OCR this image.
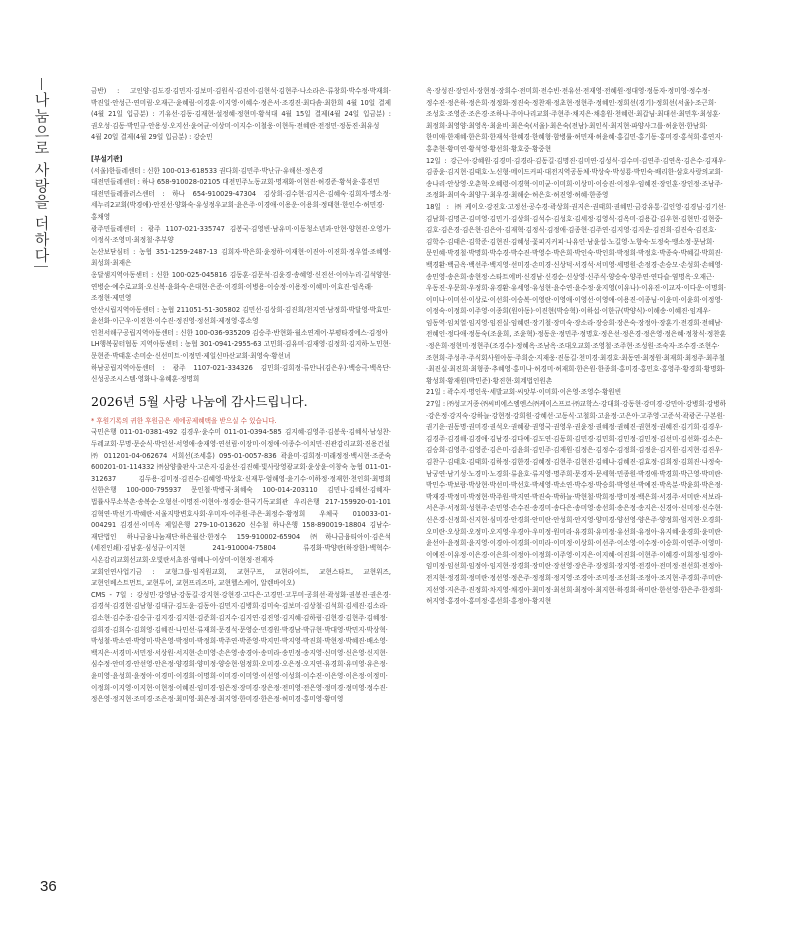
나눔으로 사랑을 더하다

금반) : 고인양·김도경·김민지·김보미·김원식·김진이·김현석·김현주·나소라은·류창희·박수정·박재희·박진일·안성근·연미림·오재근·윤혜림·이경훈·이지영·이혜수·정은서·조경진·최다솜·최한희 4월 10일 결제(4월 21일 입금분) : 기유선·김동·김재현·설정혜·정현미·황석대 4월 15일 결제(4월 24일 입금분) : 권오성·김동·박민규·안용성·오지선·윤여균·이상미·이지수·이철웅·이현득·전혜란·전정민·정동진·최유성 4월 20일 결제(4월 29일 입금분) : 강순민

[부설기관]

(서울)한들레센터 : 신한 100-013-618533 권다희·김민주·박난규·유해선·정은경

대전민들레센터 : 하나 658-910028-02105 대전민주노동교회·명재화·이현진·허경준·황석윤·홍진민

대전민들레플러스센터 : 하나 654-910029-47304 김상희·김수현·김지은·김혜숙·김희자·명소정·세누리2교회(박경애)·안진선·양화숙·유성정우교회·윤은주·이경애·이용운·이용희·정태현·한인수·허민경·홍채영

광주민들레센터 : 광주 1107-021-335747 김봉국·김영빈·남유미·이동청소년과·안현·양현진·오영가·이정식·조영미·최정철·추부양

논산보닫심터 : 농협 351-1259-2487-13 김희자·박은희·윤정하·이재현·이진아·이진희·정우열·조혜영·최성희·최재은

옹달샘지역아동센터 : 신한 100-025-045816 김동훈·김문석·김윤경·송혜영·신진선·이아누리·길석양현·연병순·예수로교회·오신복·윤화숙·은대현·은준·이경희·이병용·이승정·이용정·이혜미·이효진·임옥래·조정현·제민영

안산시립지역아동센터 : 농협 211051-51-305802 김민선·김상희·김진희/천지연·남정희·박달영·박효민·윤선화·이근우·이진현·이수진·정진영·정선희·제정영·홍소영

인천서해구공립지역아동센터 : 신한 100-036-935209 김승주·반현화·월소연계어·부평타경에스·김정아

LH행복꿈터협동 지역아동센터 : 농협 301-0941-2955-63 고민희·김유미·김재영·김정희·김지하·노민현·문현준·박태훈·손미순·신선미트·이정민·제일신마산교회·최영숙·황선녀

하남공립지역아동센터 : 광주 1107-021-334326 김민희·김희정·류안나(김은우)·백승극·백옥단·신성공조시스템·영화나·유혜훈·정명희

2026년 5월 사랑 나눔에 감사드립니다.

* 후원기록의 귀한 후원금은 세에공제혜택을 받으실 수 있습니다.

국민은행 011-01-0381-492 김경우·윤수미 011-01-0394-585 김지혜·김영주·김봉욱·김혜식·남성찬·두레교회·무명·문순식·박인선·서영애·송재영·연선림·이장미·이정애·이종수·이치민·진관감리교회·진용건설㈜ 011201-04-062674 서희선(조세홍) 095-01-0057-836 곽윤미·김희정·미래정정·백시현·조준숙 600201-01-114332 ㈜삼양출판사·고은지·김윤선·김진혜·빛사랑영광교회·윤상윤·이창숙 농협 011-01-312637 김두용·김미정·김진수·김혜영·박상호·신재무·엄해영·윤기수·이하정·정재헌·천인희·최명희 신한은행 100-000-795937 문인철·박병국·최혜숙 100-014-203110 김민나·김혜선·김혜자·법률사무소북촌·송복순·오형선·이명진·이현아·정경순·한국기독교회관 우리은행 217-159920-01-101 김혁연·박선기·박혜란·서울지방변호사회·우미자·이주원·주은·최정수·황정희 우체국 010033-01-004291 김경선·이미옥 제일은행 279-10-013620 신수철 하나은행 158-890019-18804 김남수·재단법인 하나금융나눔재단·하은월산·한정수 159-910002-65904 ㈜하나금융티아이·김은석(세진인쇄)·김남훈·심성규·이지현 241-910004-75804 류경화·박양란(하장한)·백혁수·시온감리교회선교회·오빛란서초점·염혜나·이상미·이현정·전재자

교회인연사업기금 : 교형그룹·임직원교회, 교현구프, 교현라이트, 교현스타트, 교현위즈, 교현인베스트먼트, 교현투어, 교현프리즈마, 교현헬스케어, 알렌바이오)

CMS - 7일 : 강성민·강영남·강동길·강지현·강현경·고다은·고경민·고무미·공희선·곽성화·권봉진·권은경·김경석·김경현·김남형·김대규·김도윤·김동아·김민지·김병희·김미숙·김보미·김상철·김석희·김세진·김소라·김소현·김수종·김승규·김지경·김지현·김준희·김지수·김지연·김진영·김지혜·김하림·김현경·김현주·김혜정·김희경·김희수·김희영·김혜진·나민선·류재희·문경석·문영순·민경원·박경남·박규현·박대영·박민지·박상혁·박성철·박소연·박영미·박은영·박정미·박정희·박주연·박준영·박지민·박지영·박진희·박현정·박혜진·배소영·백지은·서경미·서민정·서상원·서지현·손미영·손은영·송경아·송미라·송민정·송지영·신미영·신은영·신지현·심수정·안미경·안선영·안은정·양경희·양미정·양승현·엄정희·오미경·오은정·오지연·유경희·유미영·유은정·윤미영·윤성희·윤정아·이경미·이경희·이명희·이미경·이미영·이선영·이성희·이수진·이은영·이은정·이정미·이정희·이지영·이지현·이현정·이혜진·임미경·임은정·장미경·장은정·전미영·전은영·정미경·정미영·정수진·정은영·정지현·조미경·조은정·최미영·최은정·최지영·한미경·한은정·허미경·홍미영·황미영

옥·장성진·장인서·장현정·장희수·전미희·전수빈·전유선·전재영·전혜원·정대영·정동자·정미영·정수정·정수진·정은하·정은희·정정화·정진숙·정찬재·정초현·정현주·정혜인·정희선(경기)·정희선(서울)·조근희·조성호·조영준·조은경·조하나·주아나리교회·주현주·채지은·채흥원·천혜런·최갑님·최대선·최민후·최성훈·최정희·최영양·최영옥·최윤비·최은숙(서울)·최은숙(전남)·최인식·최지현·파양사그룹·허윤현·한남희·한미애·한재혜·한은희·한재석·한혜경·한혜형·함병률·허민재·허윤혜·홍길민·홍기동·홍미경·홍석희·홍연지·홍춘현·황미연·황석영·황선희·황호중·황중현

12일 : 강근아·강혜원·김경미·김경라·김동길·김명진·김미연·김성식·김수미·김연주·김연옥·김은수·김재우·김종윤·김지현·김태호·노신형·메이드커피·대전지역공동체·박상숙·박성룡·박민숙·배리한·삼호사랑의교회·송나리·안상영·오춘혁·오혜령·이경혁·이미균·이미희·이상미·이승진·이정우·임혜진·장인훈·장인정·조남주·조정화·최미숙·최양구·최우경·최해순·허은호·허진영·허혜·한종영

18일 : ㈜케이오·강진호·고정선·공수경·곽상희·권지은·권태희·권혜민·금강유통·길인영·김경님·김기선·김남희·김명곤·김미영·김민기·김상희·김석수·김성호·김세정·김영식·김옥미·김용갑·김우현·김현민·김현중·김호·김은경·김은현·김은아·김재혁·김정식·김정애·김종현·김주연·김지영·김지운·김진희·김진숙·김진호·김학수·김태은·김학준·김현진·김혜성·꽃피지커피·나유인·남윤섭·노길영·노향숙·도정숙·맹소정·문남희·문인혜·박경철·박명희·박수경·박수진·박영수·박은희·박인숙·박인희·박정희·박정호·박종숙·박혜길·박희진·백경환·백금옥·백선주·백지영·선미경·손미경·신상덕·서경석·서미영·세명원·손정경·손승모·손성희·손혜영·송민영·송은희·송현정·스타트에버·신경남·신경순·신상영·신주식·양승숙·양주연·연다슬·염명옥·오재근·우동진·우문희·우정희·유경환·유세영·유성현·윤수연·윤수정·윤지영(이유나)·이유진·이교자·이다운·이명희·이미나·이미선·이상로·이선희·이승복·이영란·이영애·이영선·이영애·이용진·이종님·이윤미·이윤희·이정영·이정숙·이정희·이주영·이종희(원아동)·이진현(박승혁)·이하섭·이한규(박양식)·이해송·이혜진·임계우·임동역·임치열·임지영·임진실·임혜련·장기철·장미숙·장소라·장승희·장은숙·장정아·장훈기·전경희·전혜남·전혜인·정다애·정동숙(조윤희, 조윤혁)·정동운·정민주·정명호·정은선·정은경·정은영·정은혜·정창식·정찬훈·정은희·정현미·정현주(조경수)·정혜옥·조남옥·조대오교회·조영철·조주현·조성원·조숙자·조수경·조현수·조현희·주성주·주식회사원아동·주희순·지재웅·진동길·천미경·최경호·최동연·최정원·최재희·최정주·최주철·최진실·최진희·최형종·추혜영·홍미나·허경미·허재희·한은원·한종희·홍미경·홍민호·홍영주·황경희·황명화·황성희·황재원(박민준)·황진현·회계법인원촌

21일 : 곽수지·명인욱·세발교회·씨앗부·이미희·이은영·조영수·황원빈

27일 : ㈜성고거종·㈜씨비에스엠엔스㈜케이스프르·㈜교학스·강대희·강동현·강미경·강민아·강병희·강병하·강은정·강지숙·강하늘·강현정·강희원·강혜선·고동식·고철희·고윤정·고은아·고주영·고준석·곽광곤·구본원·권기운·권동명·권미경·권석오·권혜광·권영국·권영우·권윤정·권혜정·권혜진·권현정·권혜진·김기희·김경우·김경주·김경해·김경애·김남경·김다예·김도연·김동희·김민경·김민희·김민정·김민정·김선미·김선화·김소은·김승희·김영주·김영준·김은미·김윤희·김인주·김재원·김정은·김정수·김정희·김정운·김지원·김지현·김진우·김찬구·김태호·김태희·김하정·김한경·김혜정·김현주·김현진·김혜나·김혜진·김효정·김희정·김희진·나정숙·남궁연·남기성·노경미·노경희·류윤호·류지영·명주희·문경자·문세혁·민종원·박경애·박경희·박근영·박미란·박민수·박보람·박상현·박선미·박선호·박세영·박소연·박수정·박승희·박영선·박예진·박옥분·박윤희·박은정·박재경·박정미·박정현·박주원·박지연·박진숙·박하늘·박현철·박희정·방미정·백은희·서경주·서미란·서보라·서은주·서정희·성현주·손민영·손수진·송경미·송다은·송미영·송선희·송은정·송지은·신경아·신미정·신수현·신은경·신정희·신지현·심미경·안경희·안미란·안성희·안지영·양미경·양선영·양은주·양정희·엄지현·오경희·오미란·오상희·오정미·오지영·우경아·우미정·원미라·유경희·유미정·유선희·유정아·유지혜·윤경희·윤미란·윤선아·윤정희·윤지영·이경아·이경희·이미라·이미정·이상희·이선주·이소영·이수정·이승희·이연주·이영미·이예진·이유정·이은경·이은희·이정아·이정희·이주영·이지은·이지혜·이진희·이현주·이혜경·이희정·임경아·임미정·임선희·임정아·임지현·장경희·장미란·장선영·장은주·장정희·장지영·전경아·전미정·전선희·전정아·전지현·정경희·정미란·정선영·정은주·정정희·정지영·조경아·조미정·조선희·조정아·조지현·주경희·주미란·지선영·지은주·진정희·차지영·채경아·최미정·최선희·최정아·최지현·하경희·하미란·한선영·한은주·한정희·허지영·홍경아·홍미정·홍선희·홍정아·황지현

36
